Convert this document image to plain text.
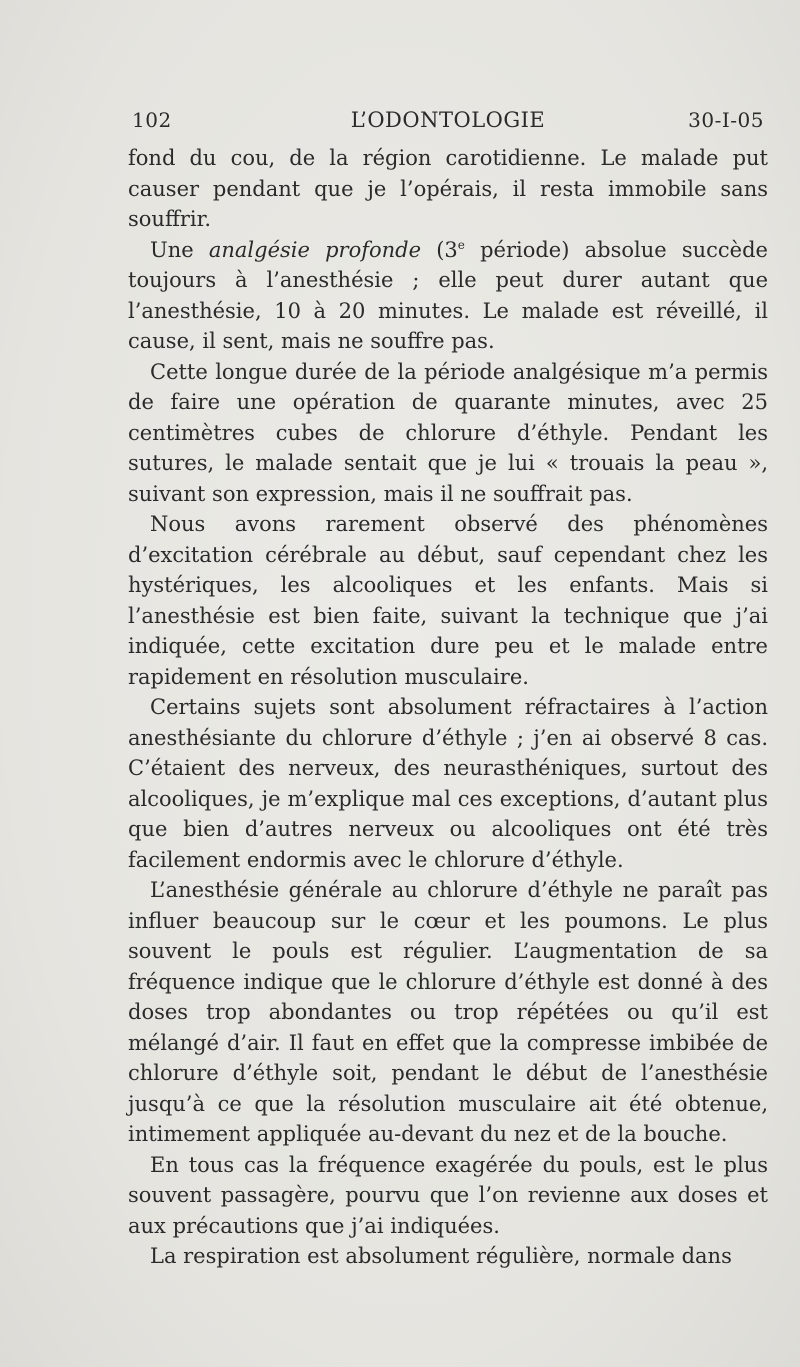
102	L’ODONTOLOGIE	30-I-05

fond du cou, de la région carotidienne. Le malade put causer pendant que je l’opérais, il resta immobile sans souffrir.

Une analgésie profonde (3e période) absolue succède toujours à l’anesthésie ; elle peut durer autant que l’anesthésie, 10 à 20 minutes. Le malade est réveillé, il cause, il sent, mais ne souffre pas.

Cette longue durée de la période analgésique m’a permis de faire une opération de quarante minutes, avec 25 centimètres cubes de chlorure d’éthyle. Pendant les sutures, le malade sentait que je lui « trouais la peau », suivant son expression, mais il ne souffrait pas.

Nous avons rarement observé des phénomènes d’excitation cérébrale au début, sauf cependant chez les hystériques, les alcooliques et les enfants. Mais si l’anesthésie est bien faite, suivant la technique que j’ai indiquée, cette excitation dure peu et le malade entre rapidement en résolution musculaire.

Certains sujets sont absolument réfractaires à l’action anesthésiante du chlorure d’éthyle ; j’en ai observé 8 cas. C’étaient des nerveux, des neurasthéniques, surtout des alcooliques, je m’explique mal ces exceptions, d’autant plus que bien d’autres nerveux ou alcooliques ont été très facilement endormis avec le chlorure d’éthyle.

L’anesthésie générale au chlorure d’éthyle ne paraît pas influer beaucoup sur le cœur et les poumons. Le plus souvent le pouls est régulier. L’augmentation de sa fréquence indique que le chlorure d’éthyle est donné à des doses trop abondantes ou trop répétées ou qu’il est mélangé d’air. Il faut en effet que la compresse imbibée de chlorure d’éthyle soit, pendant le début de l’anesthésie jusqu’à ce que la résolution musculaire ait été obtenue, intimement appliquée au-devant du nez et de la bouche.

En tous cas la fréquence exagérée du pouls, est le plus souvent passagère, pourvu que l’on revienne aux doses et aux précautions que j’ai indiquées.

La respiration est absolument régulière, normale dans
